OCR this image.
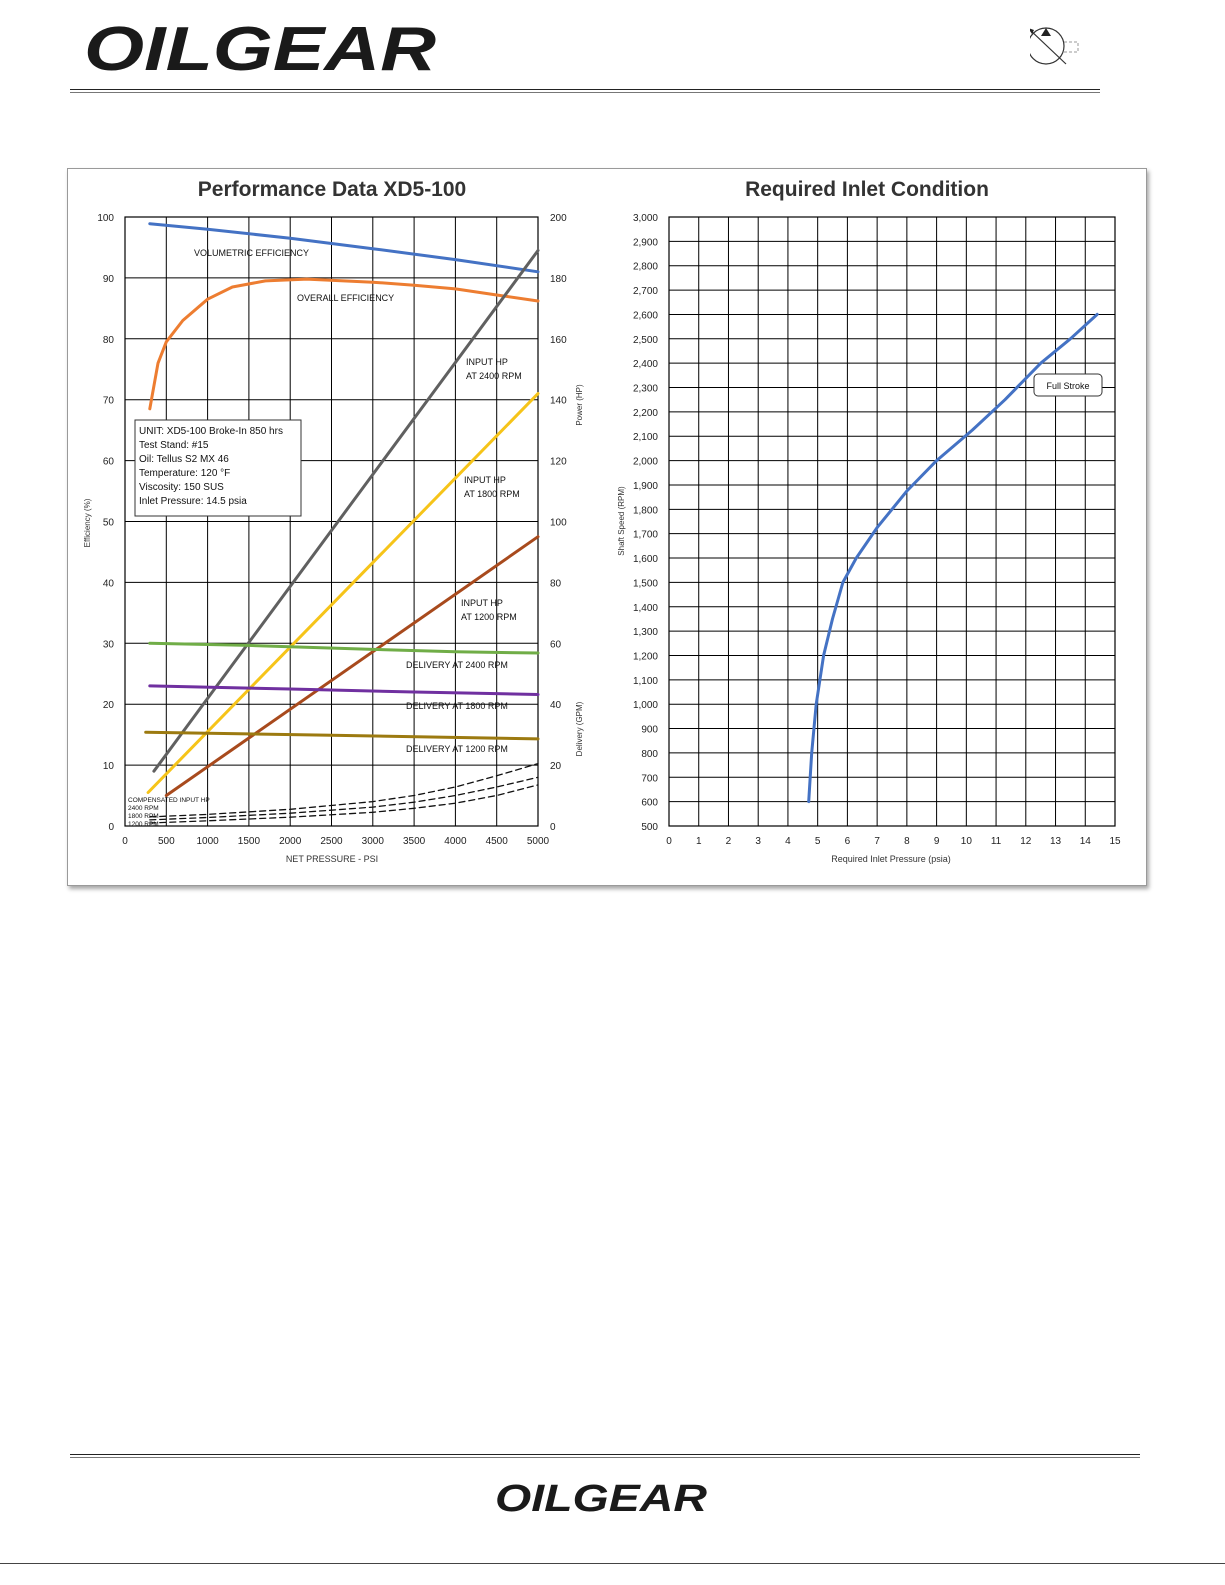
OILGEAR
Performance Data XD5-100
NET PRESSURE - PSI
Efficiency (%)
Power (HP)
Delivery (GPM)
0	500 1000 1500 2000 2500 3000 3500 4000 4500 5000
0
10
20
30
40
50
60
70
80
90
100
0
20
40
60
80
100
120
140
160
180
200
VOLUMETRIC EFFICIENCY
OVERALL EFFICIENCY
INPUT HP
AT 2400 RPM
INPUT HP
AT 1800 RPM
INPUT HP
AT 1200 RPM
DELIVERY AT 2400 RPM
DELIVERY AT 1800 RPM
DELIVERY AT 1200 RPM
COMPENSATED INPUT HP
2400 RPM
1800 RPM
1200 RPM
UNIT: XD5-100 Broke-In 850 hrs
Test Stand: #15
Oil: Tellus S2 MX 46
Temperature: 120 °F
Viscosity: 150 SUS
Inlet Pressure: 14.5 psia
Required Inlet Condition
Required Inlet Pressure (psia)
Shaft Speed (RPM)
0 1 2 3 4 5 6 7 8 9 10 11 12 13 14 15
500
600
700
800
900
1,000
1,100
1,200
1,300
1,400
1,500
1,600
1,700
1,800
1,900
2,000
2,100
2,200
2,300
2,400
2,500
2,600
2,700
2,800
2,900
3,000
Full Stroke
OILGEAR
